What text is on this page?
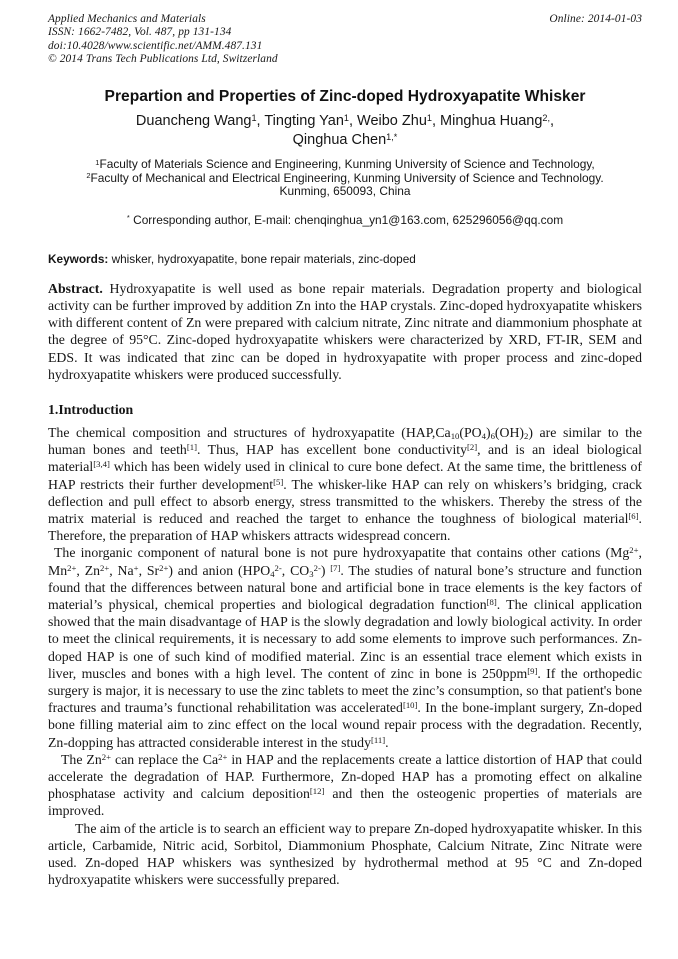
Applied Mechanics and Materials
ISSN: 1662-7482, Vol. 487, pp 131-134
doi:10.4028/www.scientific.net/AMM.487.131
© 2014 Trans Tech Publications Ltd, Switzerland
Online: 2014-01-03
Prepartion and Properties of Zinc-doped Hydroxyapatite Whisker
Duancheng Wang$^1$, Tingting Yan$^1$, Weibo Zhu$^1$, Minghua Huang$^{2,}$,
Qinghua Chen$^{1,*}$
$^1$Faculty of Materials Science and Engineering, Kunming University of Science and Technology,
$^2$Faculty of Mechanical and Electrical Engineering, Kunming University of Science and Technology.
Kunming, 650093, China
* Corresponding author, E-mail: chenqinghua_yn1@163.com, 625296056@qq.com
Keywords: whisker, hydroxyapatite, bone repair materials, zinc-doped

Abstract. Hydroxyapatite is well used as bone repair materials. Degradation property and biological activity can be further improved by addition Zn into the HAP crystals. Zinc-doped hydroxyapatite whiskers with different content of Zn were prepared with calcium nitrate, Zinc nitrate and diammonium phosphate at the degree of 95°C. Zinc-doped hydroxyapatite whiskers were characterized by XRD, FT-IR, SEM and EDS. It was indicated that zinc can be doped in hydroxyapatite with proper process and zinc-doped hydroxyapatite whiskers were produced successfully.

1.Introduction

The chemical composition and structures of hydroxyapatite $(HAP,Ca_{10}(PO_4)_6(OH)_2)$ are similar to the human bones and teeth[1]. Thus, HAP has excellent bone conductivity[2], and is an ideal biological material[3,4] which has been widely used in clinical to cure bone defect. At the same time, the brittleness of HAP restricts their further development[5]. The whisker-like HAP can rely on whiskers’s bridging, crack deflection and pull effect to absorb energy, stress transmitted to the whiskers. Thereby the stress of the matrix material is reduced and reached the target to enhance the toughness of biological material[6]. Therefore, the preparation of HAP whiskers attracts widespread concern.

The inorganic component of natural bone is not pure hydroxyapatite that contains other cations ($Mg^{2+}$, $Mn^{2+}$, $Zn^{2+}$, Na+, $Sr^{2+}$) and anion ($HPO_4^{2-}$, $CO_3^{2-}$) [7]. The studies of natural bone’s structure and function found that the differences between natural bone and artificial bone in trace elements is the key factors of material’s physical, chemical properties and biological degradation function[8]. The clinical application showed that the main disadvantage of HAP is the slowly degradation and lowly biological activity. In order to meet the clinical requirements, it is necessary to add some elements to improve such performances. Zn-doped HAP is one of such kind of modified material. Zinc is an essential trace element which exists in liver, muscles and bones with a high level. The content of zinc in bone is 250ppm[9]. If the orthopedic surgery is major, it is necessary to use the zinc tablets to meet the zinc’s consumption, so that patient's bone fractures and trauma’s functional rehabilitation was accelerated[10]. In the bone-implant surgery, Zn-doped bone filling material aim to zinc effect on the local wound repair process with the degradation. Recently, Zn-dopping has attracted considerable interest in the study[11].

The $Zn^{2+}$ can replace the $Ca^{2+}$ in HAP and the replacements create a lattice distortion of HAP that could accelerate the degradation of HAP. Furthermore, Zn-doped HAP has a promoting effect on alkaline phosphatase activity and calcium deposition[12] and then the osteogenic properties of materials are improved.

The aim of the article is to search an efficient way to prepare Zn-doped hydroxyapatite whisker. In this article, Carbamide, Nitric acid, Sorbitol, Diammonium Phosphate, Calcium Nitrate, Zinc Nitrate were used. Zn-doped HAP whiskers was synthesized by hydrothermal method at 95 °C and Zn-doped hydroxyapatite whiskers were successfully prepared.
